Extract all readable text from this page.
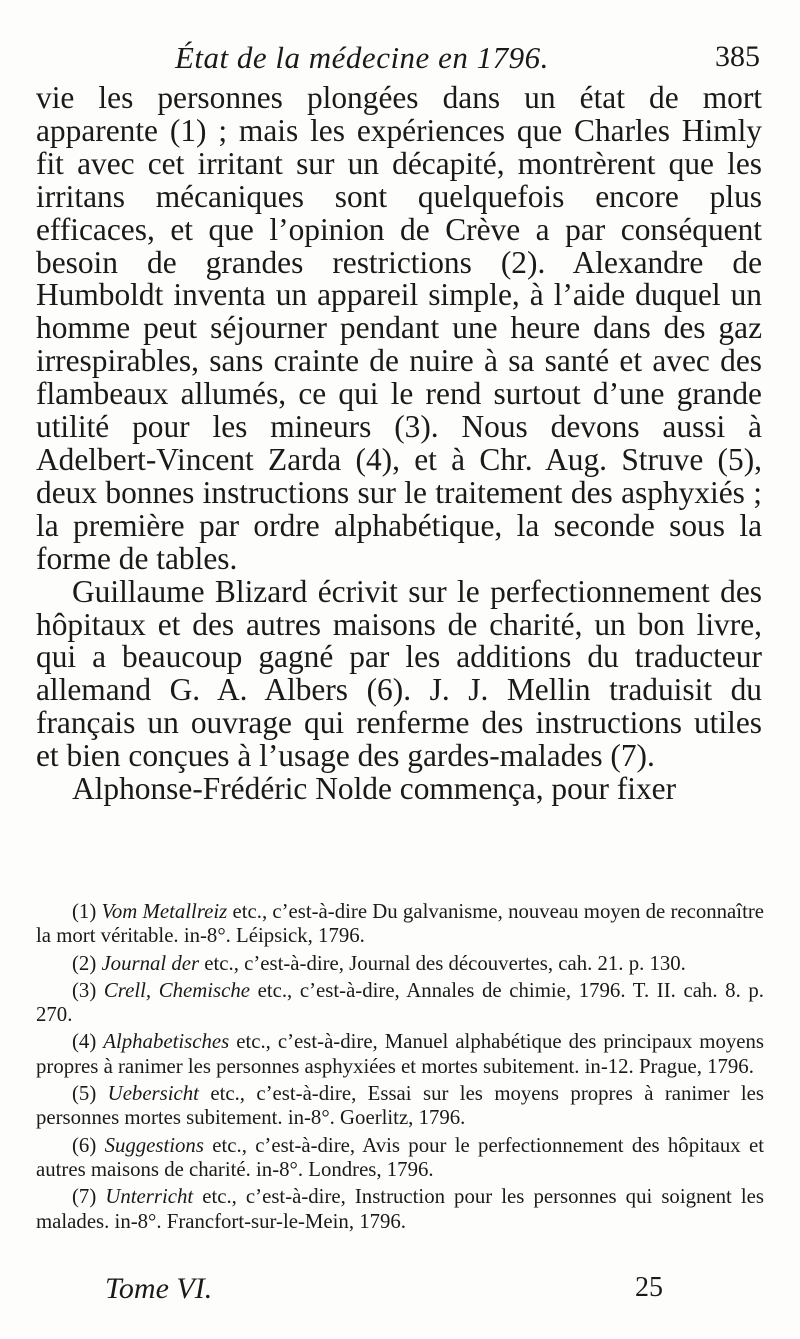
État de la médecine en 1796.	385

vie les personnes plongées dans un état de mort apparente (1) ; mais les expériences que Charles Himly fit avec cet irritant sur un décapité, montrèrent que les irritans mécaniques sont quelquefois encore plus efficaces, et que l’opinion de Crève a par conséquent besoin de grandes restrictions (2). Alexandre de Humboldt inventa un appareil simple, à l’aide duquel un homme peut séjourner pendant une heure dans des gaz irrespirables, sans crainte de nuire à sa santé et avec des flambeaux allumés, ce qui le rend surtout d’une grande utilité pour les mineurs (3). Nous devons aussi à Adelbert-Vincent Zarda (4), et à Chr. Aug. Struve (5), deux bonnes instructions sur le traitement des asphyxiés ; la première par ordre alphabétique, la seconde sous la forme de tables.

Guillaume Blizard écrivit sur le perfectionnement des hôpitaux et des autres maisons de charité, un bon livre, qui a beaucoup gagné par les additions du traducteur allemand G. A. Albers (6). J. J. Mellin traduisit du français un ouvrage qui renferme des instructions utiles et bien conçues à l’usage des gardes-malades (7).

Alphonse-Frédéric Nolde commença, pour fixer

(1) Vom Metallreiz etc., c’est-à-dire Du galvanisme, nouveau moyen de reconnaître la mort véritable. in-8°. Léipsick, 1796.

(2) Journal der etc., c’est-à-dire, Journal des découvertes, cah. 21. p. 130.

(3) Crell, Chemische etc., c’est-à-dire, Annales de chimie, 1796. T. II. cah. 8. p. 270.

(4) Alphabetisches etc., c’est-à-dire, Manuel alphabétique des principaux moyens propres à ranimer les personnes asphyxiées et mortes subitement. in-12. Prague, 1796.

(5) Uebersicht etc., c’est-à-dire, Essai sur les moyens propres à ranimer les personnes mortes subitement. in-8°. Goerlitz, 1796.

(6) Suggestions etc., c’est-à-dire, Avis pour le perfectionnement des hôpitaux et autres maisons de charité. in-8°. Londres, 1796.

(7) Unterricht etc., c’est-à-dire, Instruction pour les personnes qui soignent les malades. in-8°. Francfort-sur-le-Mein, 1796.

Tome VI.	25
